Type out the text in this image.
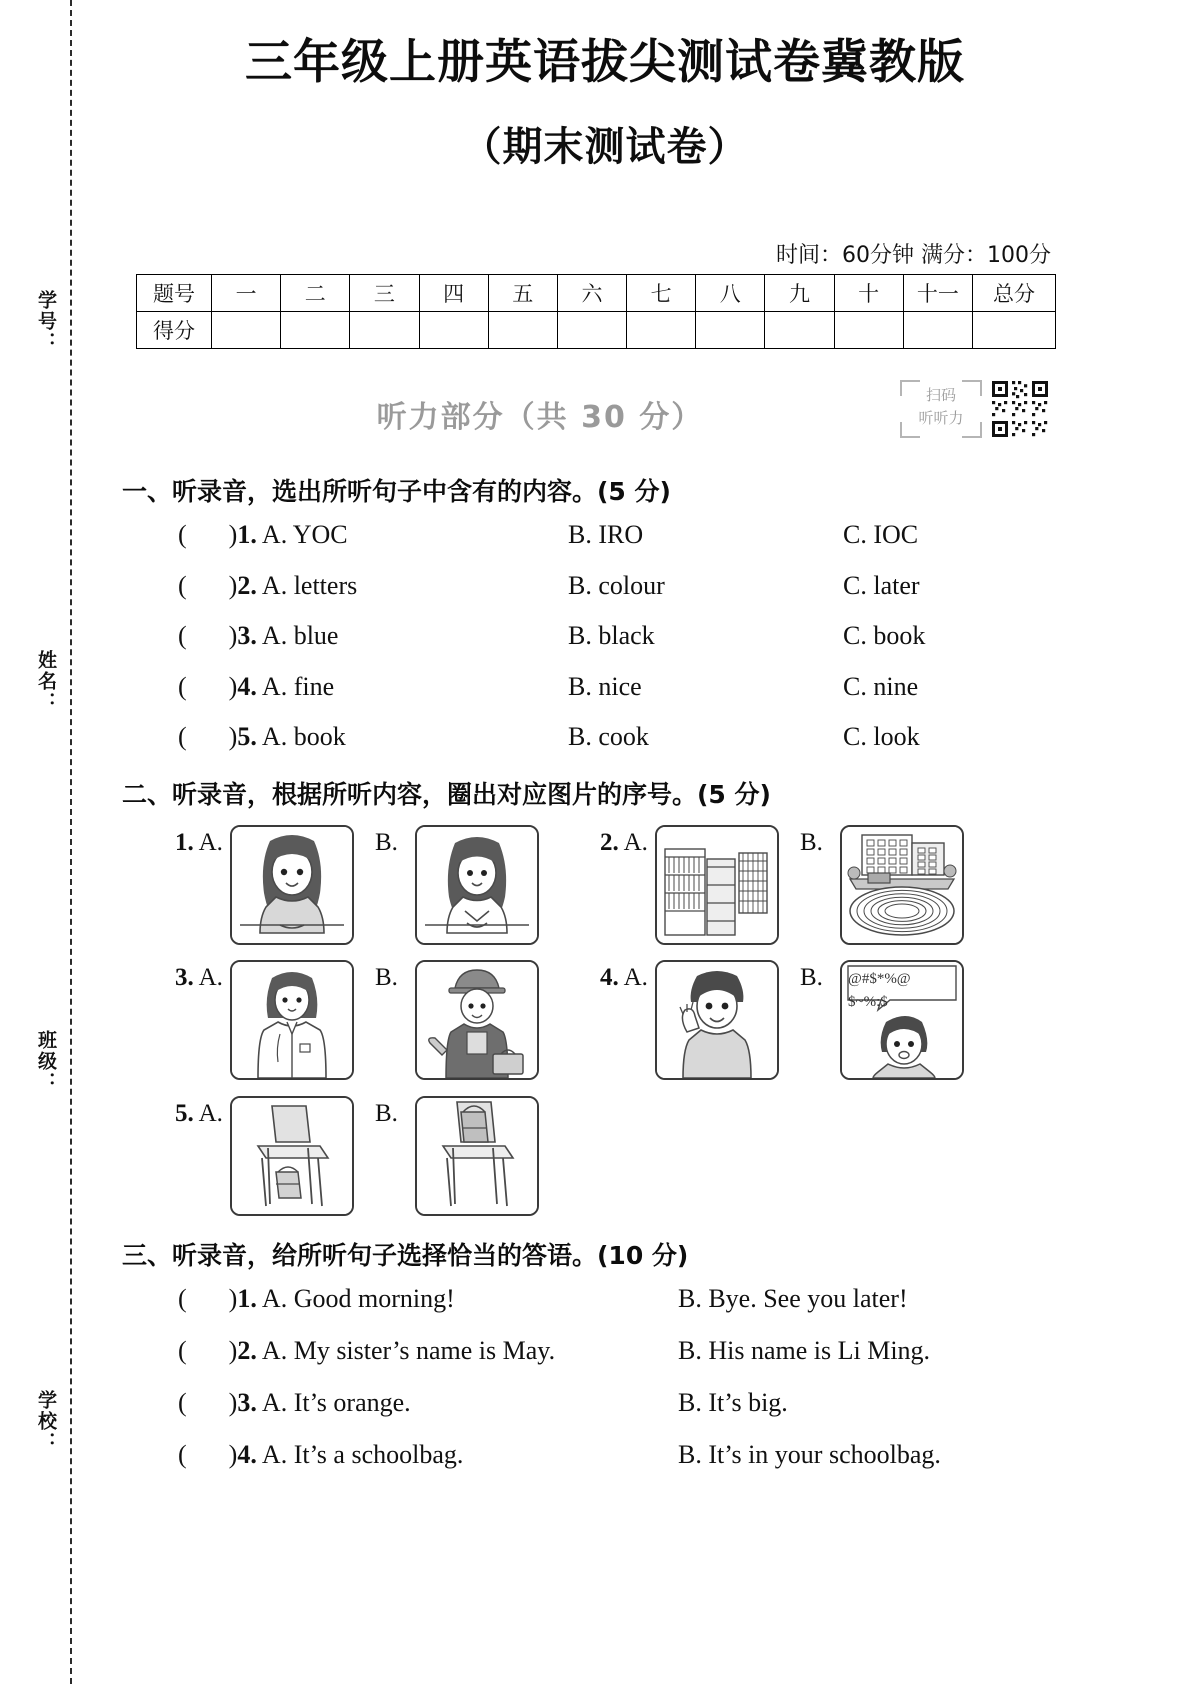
学号：
姓名：
班级：
学校：
三年级上册英语拔尖测试卷冀教版
（期末测试卷）
时间：60分钟 满分：100分
题号	一	二	三	四	五	六	七	八	九	十	十一	总分
得分												
听力部分（共 30 分）
扫码
听听力
一、听录音，选出所听句子中含有的内容。(5 分)
( )1. A. YOC	B. IRO	C. IOC
( )2. A. letters	B. colour	C. later
( )3. A. blue	B. black	C. book
( )4. A. fine	B. nice	C. nine
( )5. A. book	B. cook	C. look
二、听录音，根据所听内容，圈出对应图片的序号。(5 分)
1. A.	B.	2. A.	B.
3. A.	B.	4. A.	B. @#$*%@
$~%:$
5. A.	B.
三、听录音，给所听句子选择恰当的答语。(10 分)
( )1. A. Good morning!	B. Bye. See you later!
( )2. A. My sister’s name is May.	B. His name is Li Ming.
( )3. A. It’s orange.	B. It’s big.
( )4. A. It’s a schoolbag.	B. It’s in your schoolbag.
